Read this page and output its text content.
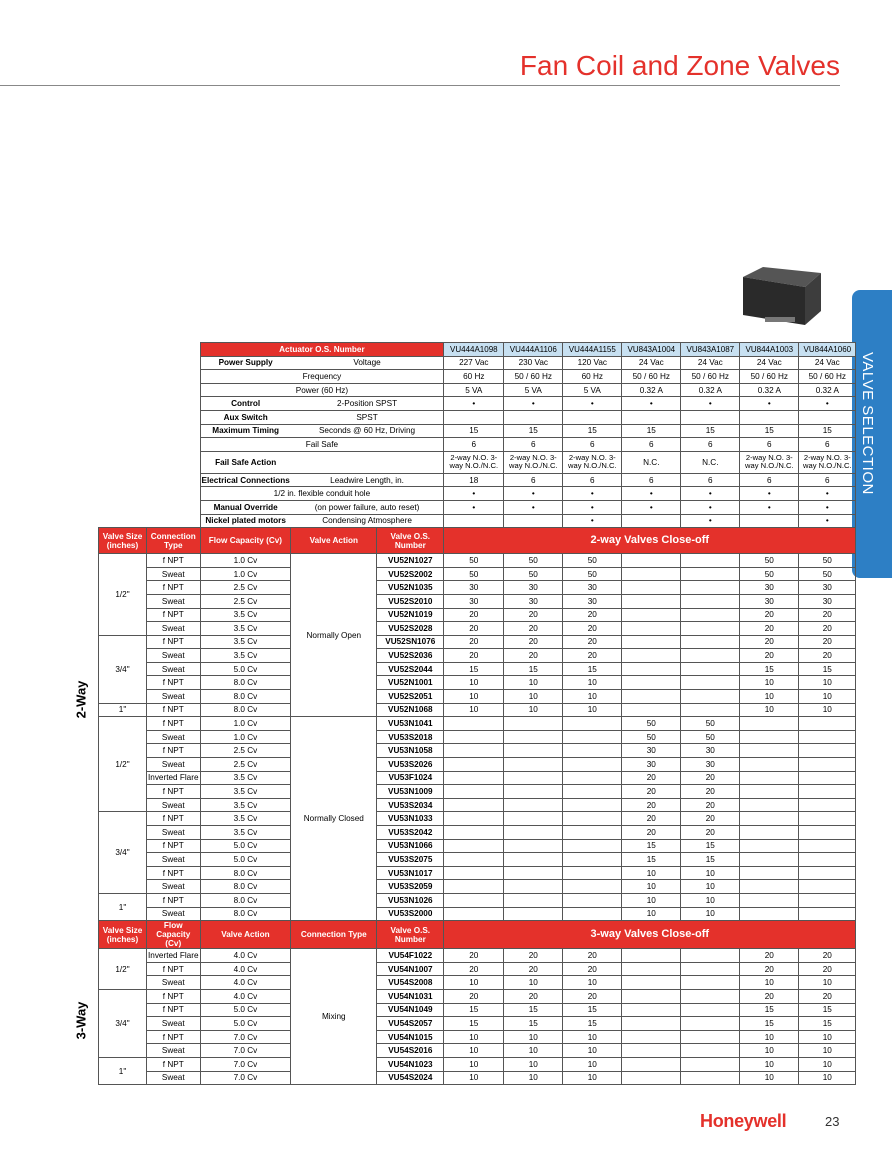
Fan Coil and Zone Valves
VALVE SELECTION
2-Way
3-Way
		Actuator O.S. Number			VU444A1098	VU444A1106	VU444A1155	VU843A1004	VU843A1087	VU844A1003	VU844A1060
		Power Supply	Voltage		227 Vac	230 Vac	120 Vac	24 Vac	24 Vac	24 Vac	24 Vac
		Frequency			60 Hz	50 / 60 Hz	60 Hz	50 / 60 Hz	50 / 60 Hz	50 / 60 Hz	50 / 60 Hz
		Power (60 Hz)			5 VA	5 VA	5 VA	0.32 A	0.32 A	0.32 A	0.32 A
		Control	2-Position SPST		•	•	•	•	•	•	•
		Aux Switch	SPST								
		Maximum Timing	Seconds @ 60 Hz, Driving		15	15	15	15	15	15	15
		Fail Safe			6	6	6	6	6	6	6
		Fail Safe Action			2-way N.O. 3-way N.O./N.C.	2-way N.O. 3-way N.O./N.C.	2-way N.O. 3-way N.O./N.C.	N.C.	N.C.	2-way N.O. 3-way N.O./N.C.	2-way N.O. 3-way N.O./N.C.
		Electrical Connections	Leadwire Length, in.		18	6	6	6	6	6	6
		1/2 in. flexible conduit hole			•	•	•	•	•	•	•
		Manual Override	(on power failure, auto reset)		•	•	•	•	•	•	•
		Nickel plated motors	Condensing Atmosphere				•		•		•
Valve Size (inches)	Connection Type	Flow Capacity (Cv)	Valve Action	Valve O.S. Number	2-way Valves Close-off						
1/2"	f NPT	1.0 Cv	Normally Open	VU52N1027	50	50	50			50	50
	Sweat	1.0 Cv		VU52S2002	50	50	50			50	50
	f NPT	2.5 Cv		VU52N1035	30	30	30			30	30
	Sweat	2.5 Cv		VU52S2010	30	30	30			30	30
	f NPT	3.5 Cv		VU52N1019	20	20	20			20	20
	Sweat	3.5 Cv		VU52S2028	20	20	20			20	20
3/4"	f NPT	3.5 Cv		VU52SN1076	20	20	20			20	20
	Sweat	3.5 Cv		VU52S2036	20	20	20			20	20
	Sweat	5.0 Cv		VU52S2044	15	15	15			15	15
	f NPT	8.0 Cv		VU52N1001	10	10	10			10	10
	Sweat	8.0 Cv		VU52S2051	10	10	10			10	10
1"	f NPT	8.0 Cv		VU52N1068	10	10	10			10	10
1/2"	f NPT	1.0 Cv	Normally Closed	VU53N1041				50	50		
	Sweat	1.0 Cv		VU53S2018				50	50		
	f NPT	2.5 Cv		VU53N1058				30	30		
	Sweat	2.5 Cv		VU53S2026				30	30		
	Inverted Flare	3.5 Cv		VU53F1024				20	20		
	f NPT	3.5 Cv		VU53N1009				20	20		
	Sweat	3.5 Cv		VU53S2034				20	20		
3/4"	f NPT	3.5 Cv		VU53N1033				20	20		
	Sweat	3.5 Cv		VU53S2042				20	20		
	f NPT	5.0 Cv		VU53N1066				15	15		
	Sweat	5.0 Cv		VU53S2075				15	15		
	f NPT	8.0 Cv		VU53N1017				10	10		
	Sweat	8.0 Cv		VU53S2059				10	10		
1"	f NPT	8.0 Cv		VU53N1026				10	10		
	Sweat	8.0 Cv		VU53S2000				10	10		
Valve Size (inches)	Flow Capacity (Cv)	Valve Action	Connection Type	Valve O.S. Number	3-way Valves Close-off						
1/2"	Inverted Flare	4.0 Cv	Mixing	VU54F1022	20	20	20			20	20
	f NPT	4.0 Cv		VU54N1007	20	20	20			20	20
	Sweat	4.0 Cv		VU54S2008	10	10	10			10	10
3/4"	f NPT	4.0 Cv		VU54N1031	20	20	20			20	20
	f NPT	5.0 Cv		VU54N1049	15	15	15			15	15
	Sweat	5.0 Cv		VU54S2057	15	15	15			15	15
	f NPT	7.0 Cv		VU54N1015	10	10	10			10	10
	Sweat	7.0 Cv		VU54S2016	10	10	10			10	10
1"	f NPT	7.0 Cv		VU54N1023	10	10	10			10	10
	Sweat	7.0 Cv		VU54S2024	10	10	10			10	10
Honeywell	23
